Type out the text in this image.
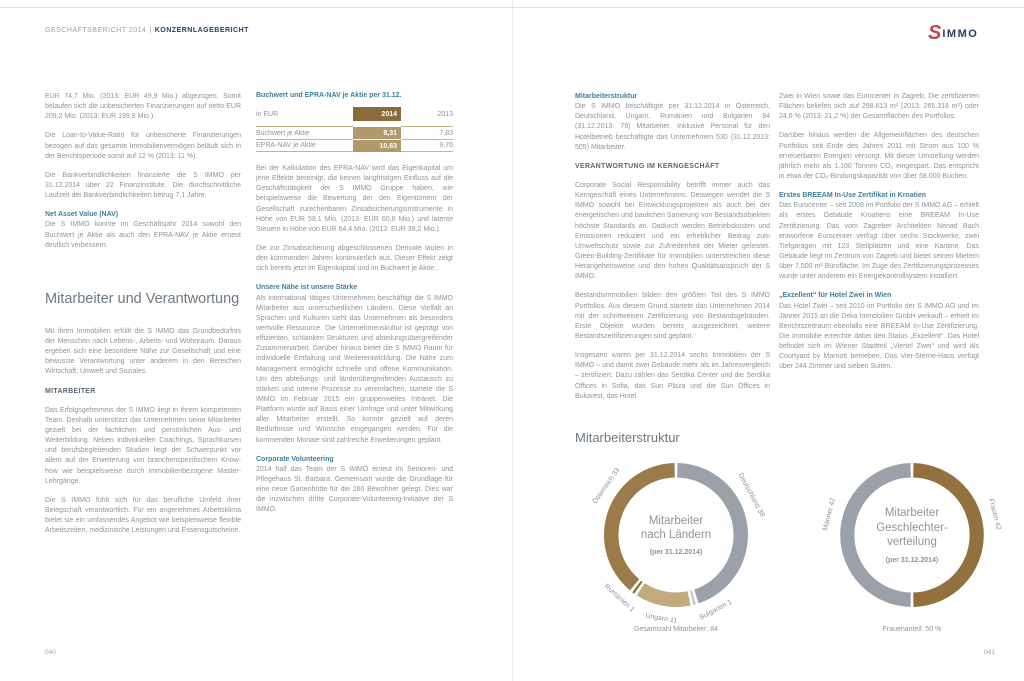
GESCHÄFTSBERICHT 2014 | KONZERNLAGEBERICHT	SIMMO

EUR 74,7 Mio. (2013: EUR 49,9 Mio.) abgezogen. Somit belaufen sich die unbesicherten Finanzierungen auf netto EUR 209,2 Mio. (2013: EUR 199,8 Mio.).

Die Loan-to-Value-Ratio für unbesicherte Finanzierungen bezogen auf das gesamte Immobilienvermögen beläuft sich in der Berichtsperiode somit auf 12 % (2013: 11 %).

Die Bankverbindlichkeiten finanzierte die S IMMO per 31.12.2014 über 22 Finanzinstitute. Die durchschnittliche Laufzeit der Bankverbindlichkeiten betrug 7,1 Jahre.

Net Asset Value (NAV)

Die S IMMO konnte im Geschäftsjahr 2014 sowohl den Buchwert je Aktie als auch den EPRA-NAV je Aktie erneut deutlich verbessern.

Mitarbeiter und Verantwortung

Mit ihren Immobilien erfüllt die S IMMO das Grundbedürfnis der Menschen nach Lebens-, Arbeits- und Wohnraum. Daraus ergeben sich eine besondere Nähe zur Gesellschaft und eine bewusste Verantwortung unter anderem in den Bereichen Wirtschaft, Umwelt und Soziales.

MITARBEITER

Das Erfolgsgeheimnis der S IMMO liegt in ihrem kompetenten Team. Deshalb unterstützt das Unternehmen seine Mitarbeiter gezielt bei der fachlichen und persönlichen Aus- und Weiterbildung. Neben individuellen Coachings, Sprachkursen und berufsbegleitenden Studien liegt der Schwerpunkt vor allem auf der Erweiterung von branchenspezifischem Know-how wie beispielsweise durch immobilienbezogene Master-Lehrgänge.

Die S IMMO fühlt sich für das berufliche Umfeld ihrer Belegschaft verantwortlich. Für ein angenehmes Arbeitsklima bietet sie ein umfassendes Angebot wie beispielsweise flexible Arbeitszeiten, medizinische Leistungen und Essensgutscheine.

Buchwert und EPRA-NAV je Aktie per 31.12.
in EUR	2014	2013
Buchwert je Aktie	8,31	7,83
EPRA-NAV je Aktie	10,63	9,76

Bei der Kalkulation des EPRA-NAV wird das Eigenkapital um jene Effekte bereinigt, die keinen langfristigen Einfluss auf die Geschäftstätigkeit der S IMMO Gruppe haben, wie beispielsweise die Bewertung der den Eigentümern der Gesellschaft zurechenbaren Zinsabsicherungsinstrumente in Höhe von EUR 58,1 Mio. (2013: EUR 60,6 Mio.) und latente Steuern in Höhe von EUR 64,4 Mio. (2013: EUR 39,2 Mio.).

Die zur Zinsabsicherung abgeschlossenen Derivate laufen in den kommenden Jahren kontinuierlich aus. Dieser Effekt zeigt sich bereits jetzt im Eigenkapital und im Buchwert je Aktie.

Unsere Nähe ist unsere Stärke

Als international tätiges Unternehmen beschäftigt die S IMMO Mitarbeiter aus unterschiedlichen Ländern. Diese Vielfalt an Sprachen und Kulturen sieht das Unternehmen als besonders wertvolle Ressource. Die Unternehmenskultur ist geprägt von effizienten, schlanken Strukturen und abteilungsübergreifender Zusammenarbeit. Darüber hinaus bietet die S IMMO Raum für individuelle Entfaltung und Weiterentwicklung. Die Nähe zum Management ermöglicht schnelle und offene Kommunikation. Um den abteilungs- und länderübergreifenden Austausch zu stärken und interne Prozesse zu vereinfachen, startete die S IMMO im Februar 2015 ein gruppenweites Intranet. Die Plattform wurde auf Basis einer Umfrage und unter Mitwirkung aller Mitarbeiter erstellt. So konnte gezielt auf deren Bedürfnisse und Wünsche eingegangen werden. Für die kommenden Monate sind zahlreiche Erweiterungen geplant.

Corporate Volunteering

2014 half das Team der S IMMO erneut im Senioren- und Pflegehaus St. Barbara. Gemeinsam wurde die Grundlage für eine neue Gartenhütte für die 260 Bewohner gelegt. Dies war die inzwischen dritte Corporate-Volunteering-Initiative der S IMMO.

Mitarbeiterstruktur

Die S IMMO beschäftigte per 31.12.2014 in Österreich, Deutschland, Ungarn, Rumänien und Bulgarien 84 (31.12.2013: 79) Mitarbeiter. Inklusive Personal für den Hotelbetrieb beschäftigte das Unternehmen 530 (31.12.2013: 505) Mitarbeiter.

VERANTWORTUNG IM KERNGESCHÄFT

Corporate Social Responsibility betrifft immer auch das Kerngeschäft eines Unternehmens. Deswegen wendet die S IMMO sowohl bei Entwicklungsprojekten als auch bei der energetischen und baulichen Sanierung von Bestandsobjekten höchste Standards an. Dadurch werden Betriebskosten und Emissionen reduziert und ein erheblicher Beitrag zum Umweltschutz sowie zur Zufriedenheit der Mieter geleistet. Green-Building-Zertifikate für Immobilien unterstreichen diese Herangehensweise und den hohen Qualitätsanspruch der S IMMO.

Bestandsimmobilien bilden den größten Teil des S IMMO Portfolios. Aus diesem Grund startete das Unternehmen 2014 mit der schrittweisen Zertifizierung von Bestandsgebäuden. Erste Objekte wurden bereits ausgezeichnet, weitere Bestandszertifizierungen sind geplant.

Insgesamt waren per 31.12.2014 sechs Immobilien der S IMMO – und damit zwei Gebäude mehr als im Jahresvergleich – zertifiziert. Dazu zählen das Serdika Center und die Serdika Offices in Sofia, das Sun Plaza und die Sun Offices in Bukarest, das Hotel

Zwei in Wien sowie das Eurocenter in Zagreb. Die zertifizierten Flächen beliefen sich auf 298.613 m² (2013: 265.318 m²) oder 24,6 % (2013: 21,2 %) der Gesamtflächen des Portfolios.

Darüber hinaus werden die Allgemeinflächen des deutschen Portfolios seit Ende des Jahres 2011 mit Strom aus 100 % erneuerbaren Energien versorgt. Mit dieser Umstellung werden jährlich mehr als 1.100 Tonnen CO₂ eingespart. Das entspricht in etwa der CO₂-Bindungskapazität von über 58.000 Buchen.

Erstes BREEAM In-Use Zertifikat in Kroatien

Das Eurocenter – seit 2008 im Portfolio der S IMMO AG – erhielt als erstes Gebäude Kroatiens eine BREEAM In-Use Zertifizierung. Das vom Zagreber Architekten Nenad Bach entworfene Eurocenter verfügt über sechs Stockwerke, zwei Tiefgaragen mit 123 Stellplätzen und eine Kantine. Das Gebäude liegt im Zentrum von Zagreb und bietet seinen Mietern über 7.500 m² Bürofläche. Im Zuge des Zertifizierungsprozesses wurde unter anderem ein Energiekontrollsystem installiert.

„Exzellent“ für Hotel Zwei in Wien

Das Hotel Zwei – seit 2010 im Portfolio der S IMMO AG und im Jänner 2015 an die Deka Immobilien GmbH verkauft – erhielt im Berichtszeitraum ebenfalls eine BREEAM In-Use Zertifizierung. Die Immobilie erreichte dabei den Status „Exzellent“. Das Hotel befindet sich im Wiener Stadtteil „Viertel Zwei“ und wird als Courtyard by Marriott betrieben. Das Vier-Sterne-Haus verfügt über 244 Zimmer und sieben Suiten.

Mitarbeiterstruktur
Deutschland 38
Bulgarien 1
Ungarn 11
Rumänien 1
Österreich 33
Mitarbeiter
nach Ländern
(per 31.12.2014)
Frauen 42
Männer 42	Mitarbeiter
Geschlechter-
verteilung
(per 31.12.2014)
Gesamtzahl Mitarbeiter: 84	Frauenanteil: 50 %
040	041
